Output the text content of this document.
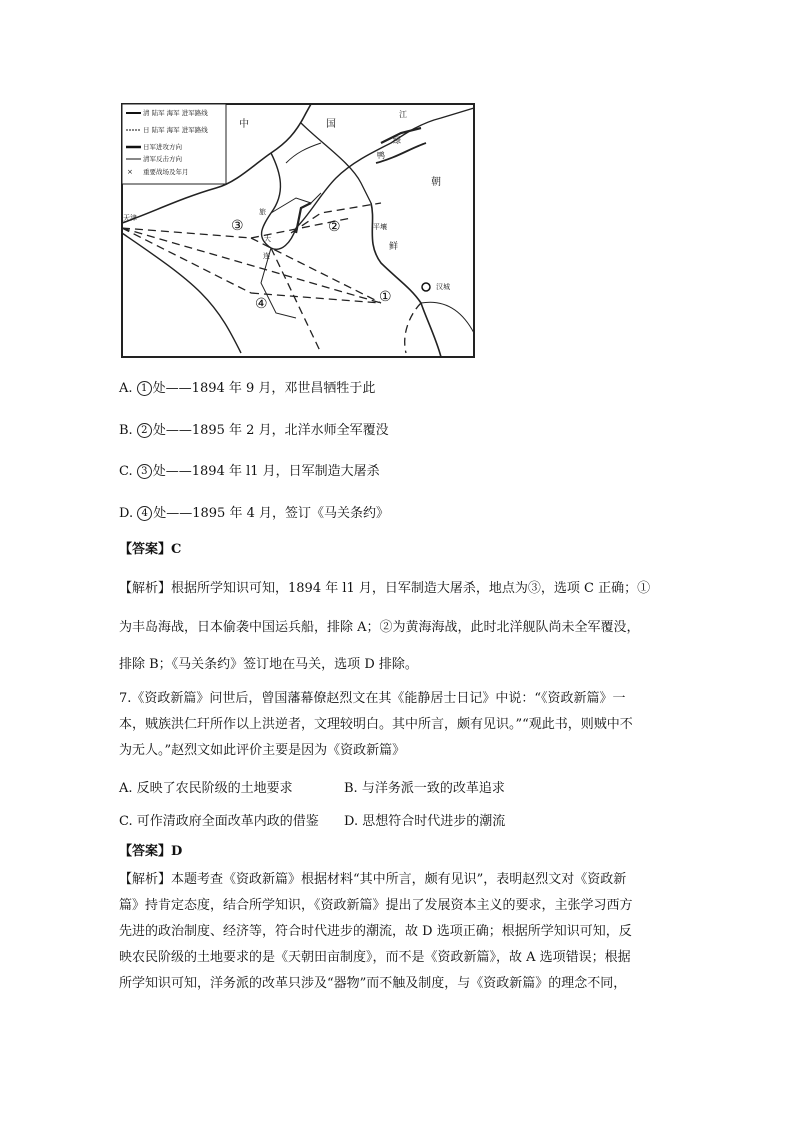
清 陆军 海军 进军路线
日 陆军 海军 进军路线
日军进攻方向
清军反击方向
× 重要战场及年月
中	国
江
绿
鸭
朝
鲜
天津
平壤
汉城
旅
大
连
③	②
④	①
A. 1 处——1894 年 9 月，邓世昌牺牲于此
B. 2 处——1895 年 2 月，北洋水师全军覆没
C. 3 处——1894 年 l1 月，日军制造大屠杀
D. 4 处——1895 年 4 月，签订《马关条约》
【答案】C
【解析】根据所学知识可知，1894 年 l1 月，日军制造大屠杀，地点为③，选项 C 正确；①
为丰岛海战，日本偷袭中国运兵船，排除 A；②为黄海海战，此时北洋舰队尚未全军覆没，
排除 B；《马关条约》签订地在马关，选项 D 排除。

7.《资政新篇》问世后，曾国藩幕僚赵烈文在其《能静居士日记》中说：“《资政新篇》一

本，贼族洪仁玕所作以上洪逆者，文理较明白。其中所言，颇有见识。”“观此书，则贼中不

为无人。”赵烈文如此评价主要是因为《资政新篇》

A. 反映了农民阶级的土地要求	B. 与洋务派一致的改革追求
C. 可作清政府全面改革内政的借鉴 D. 思想符合时代进步的潮流
【答案】D

【解析】本题考查《资政新篇》根据材料“其中所言，颇有见识”，表明赵烈文对《资政新

篇》持肯定态度，结合所学知识，《资政新篇》提出了发展资本主义的要求，主张学习西方

先进的政治制度、经济等，符合时代进步的潮流，故 D 选项正确；根据所学知识可知，反

映农民阶级的土地要求的是《天朝田亩制度》，而不是《资政新篇》，故 A 选项错误；根据

所学知识可知，洋务派的改革只涉及“器物”而不触及制度，与《资政新篇》的理念不同，
